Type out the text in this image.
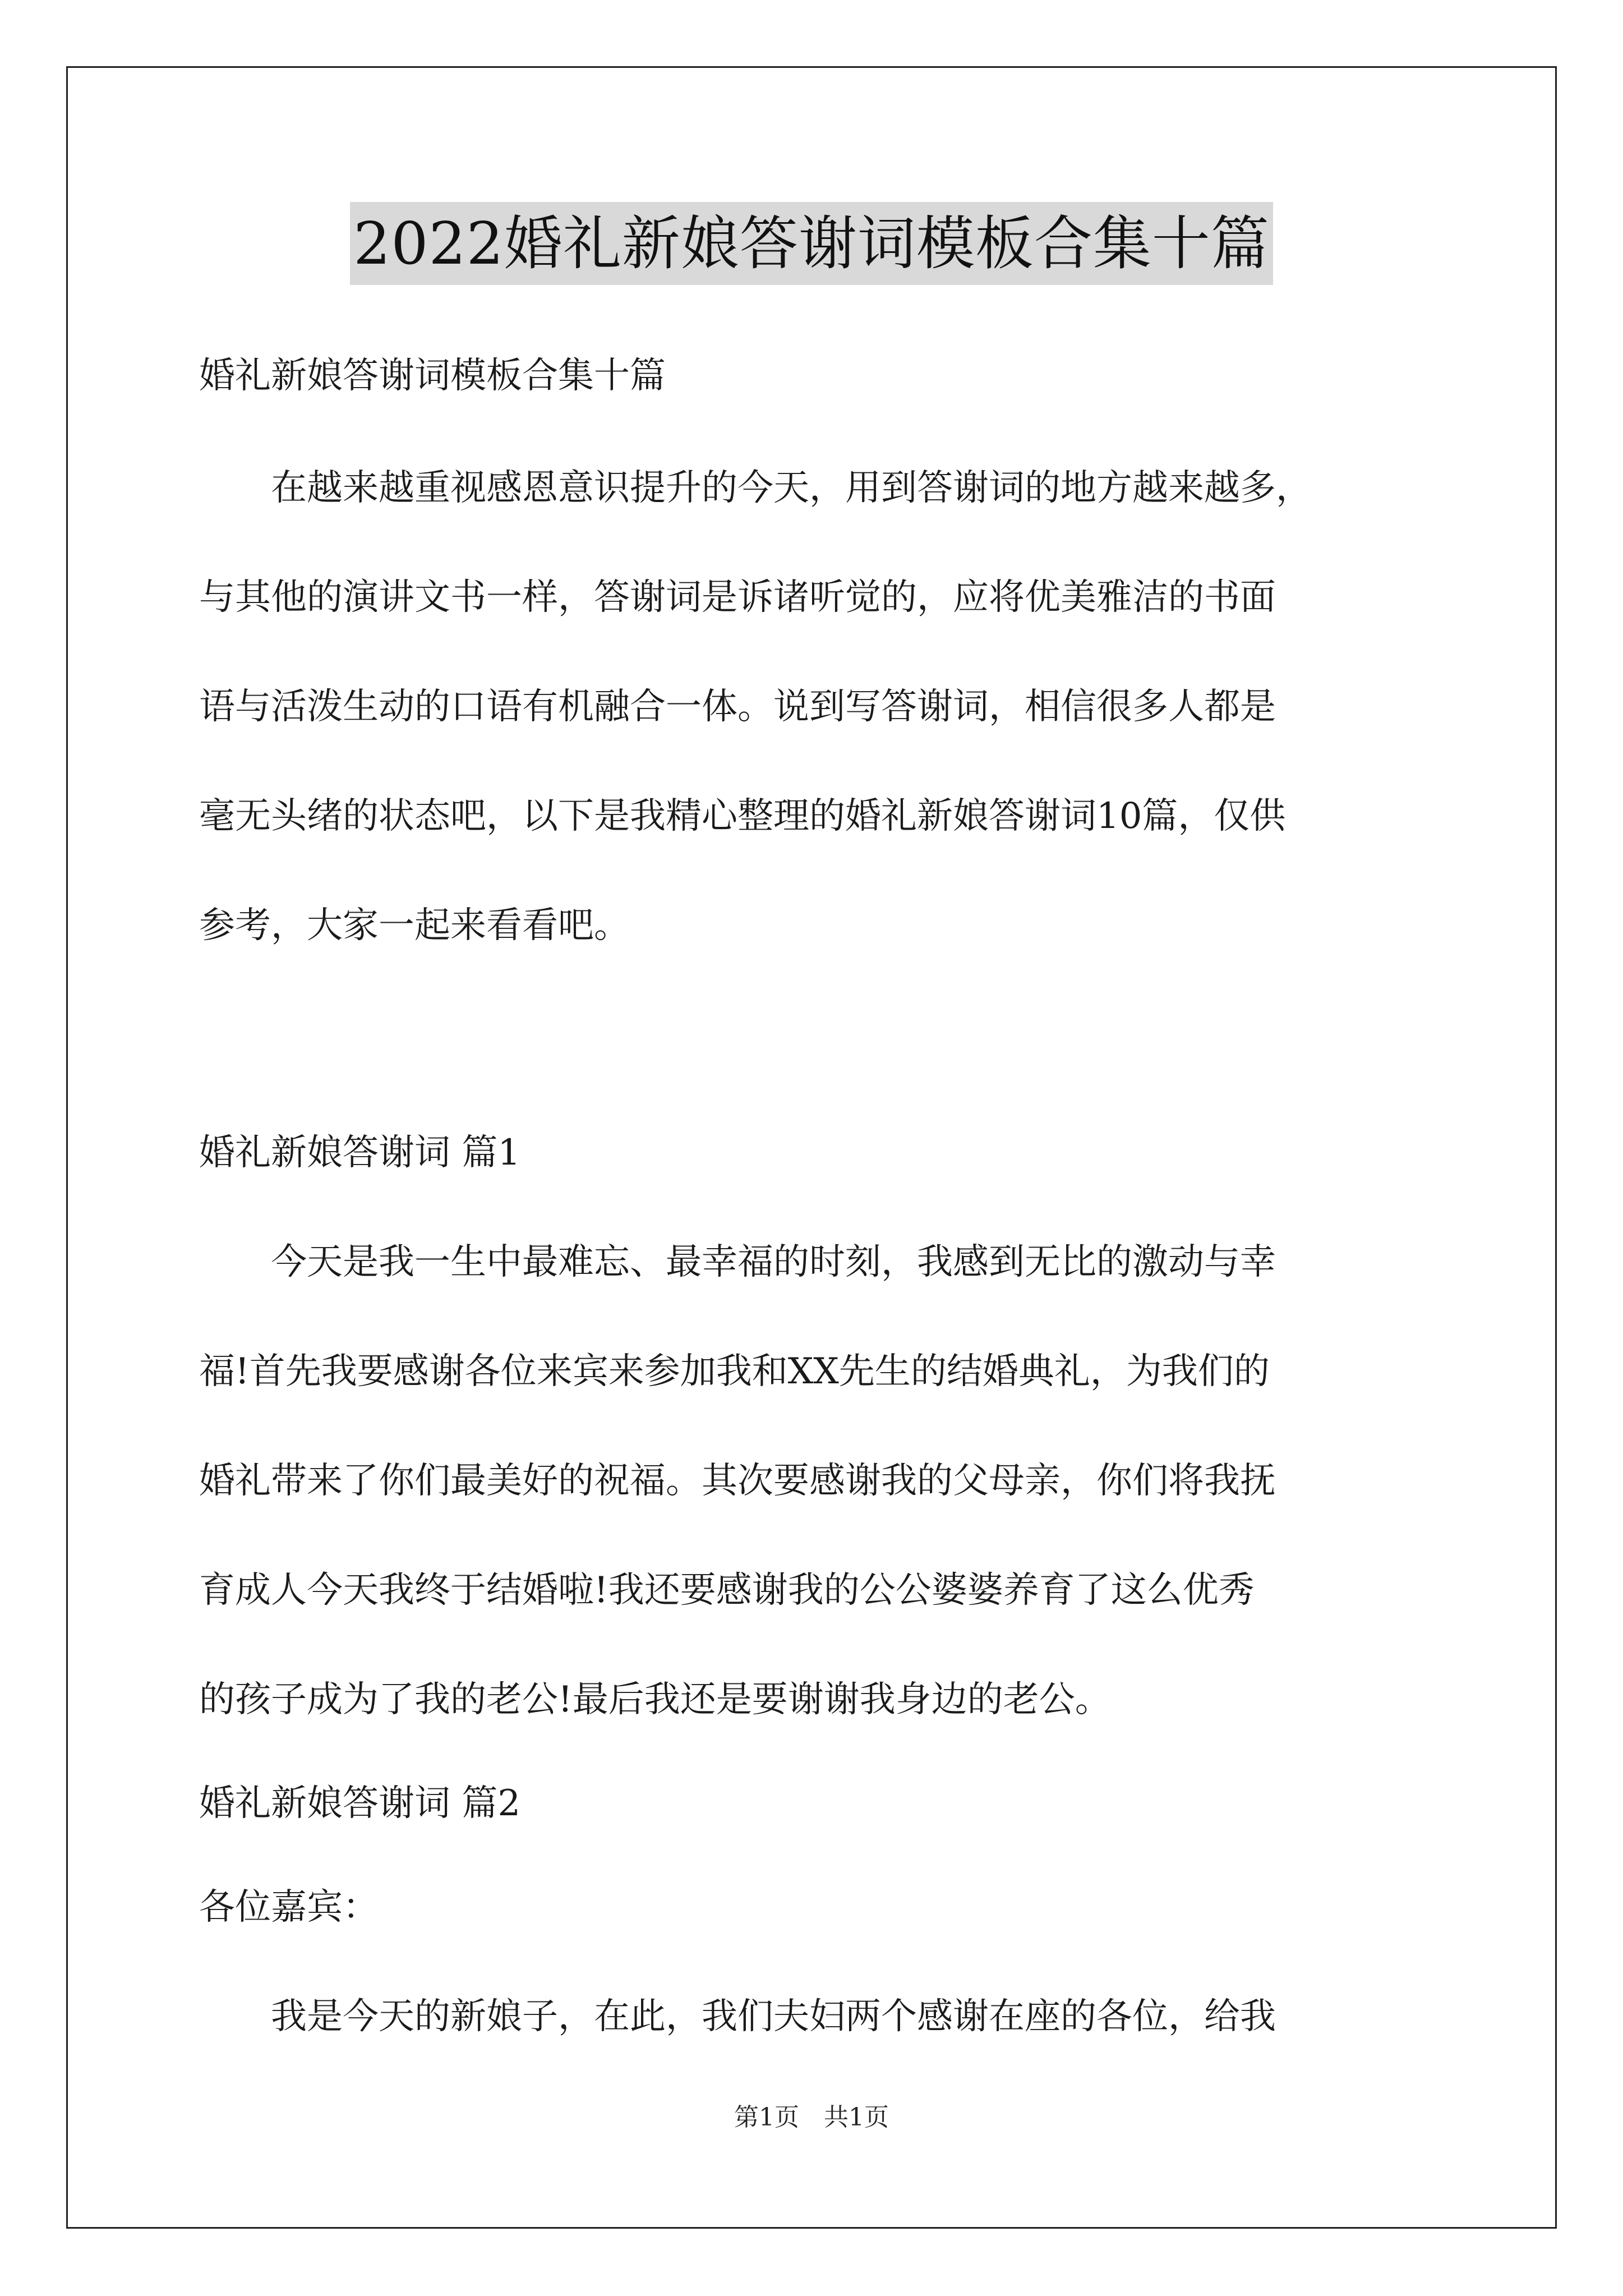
2022婚礼新娘答谢词模板合集十篇
婚礼新娘答谢词模板合集十篇
　　在越来越重视感恩意识提升的今天，用到答谢词的地方越来越多，
与其他的演讲文书一样，答谢词是诉诸听觉的，应将优美雅洁的书面
语与活泼生动的口语有机融合一体。说到写答谢词，相信很多人都是
毫无头绪的状态吧，以下是我精心整理的婚礼新娘答谢词10篇，仅供
参考，大家一起来看看吧。
婚礼新娘答谢词 篇1
　　今天是我一生中最难忘、最幸福的时刻，我感到无比的激动与幸
福!首先我要感谢各位来宾来参加我和XX先生的结婚典礼，为我们的
婚礼带来了你们最美好的祝福。其次要感谢我的父母亲，你们将我抚
育成人今天我终于结婚啦!我还要感谢我的公公婆婆养育了这么优秀
的孩子成为了我的老公!最后我还是要谢谢我身边的老公。
婚礼新娘答谢词 篇2
各位嘉宾：
　　我是今天的新娘子，在此，我们夫妇两个感谢在座的各位，给我
第1页　共1页
